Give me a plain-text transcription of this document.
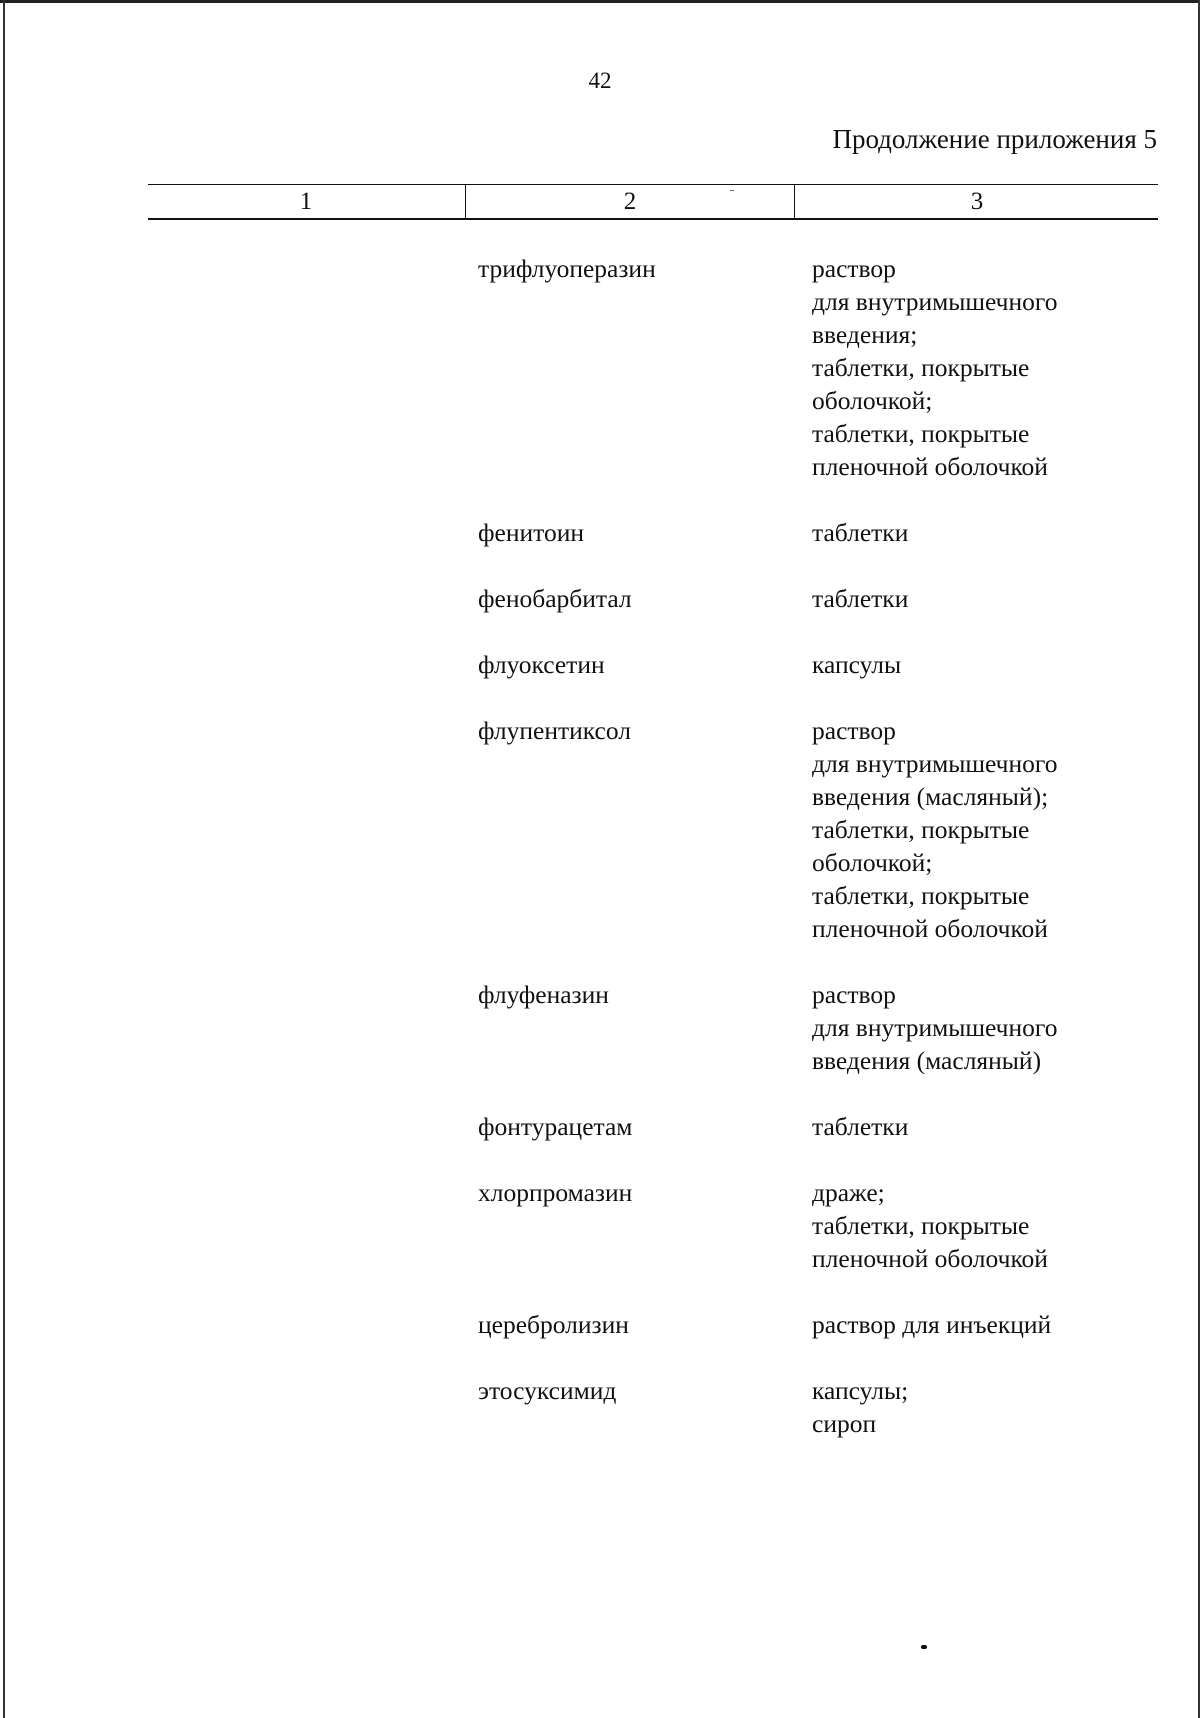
42
Продолжение приложения 5
1	2	3
трифлуоперазин	раствор
для внутримышечного
введения;
таблетки, покрытые
оболочкой;
таблетки, покрытые
пленочной оболочкой
фенитоин	таблетки
фенобарбитал	таблетки
флуоксетин	капсулы
флупентиксол	раствор
для внутримышечного
введения (масляный);
таблетки, покрытые
оболочкой;
таблетки, покрытые
пленочной оболочкой
флуфеназин	раствор
для внутримышечного
введения (масляный)
фонтурацетам	таблетки
хлорпромазин	драже;
таблетки, покрытые
пленочной оболочкой
церебролизин	раствор для инъекций
этосуксимид	капсулы;
сироп
